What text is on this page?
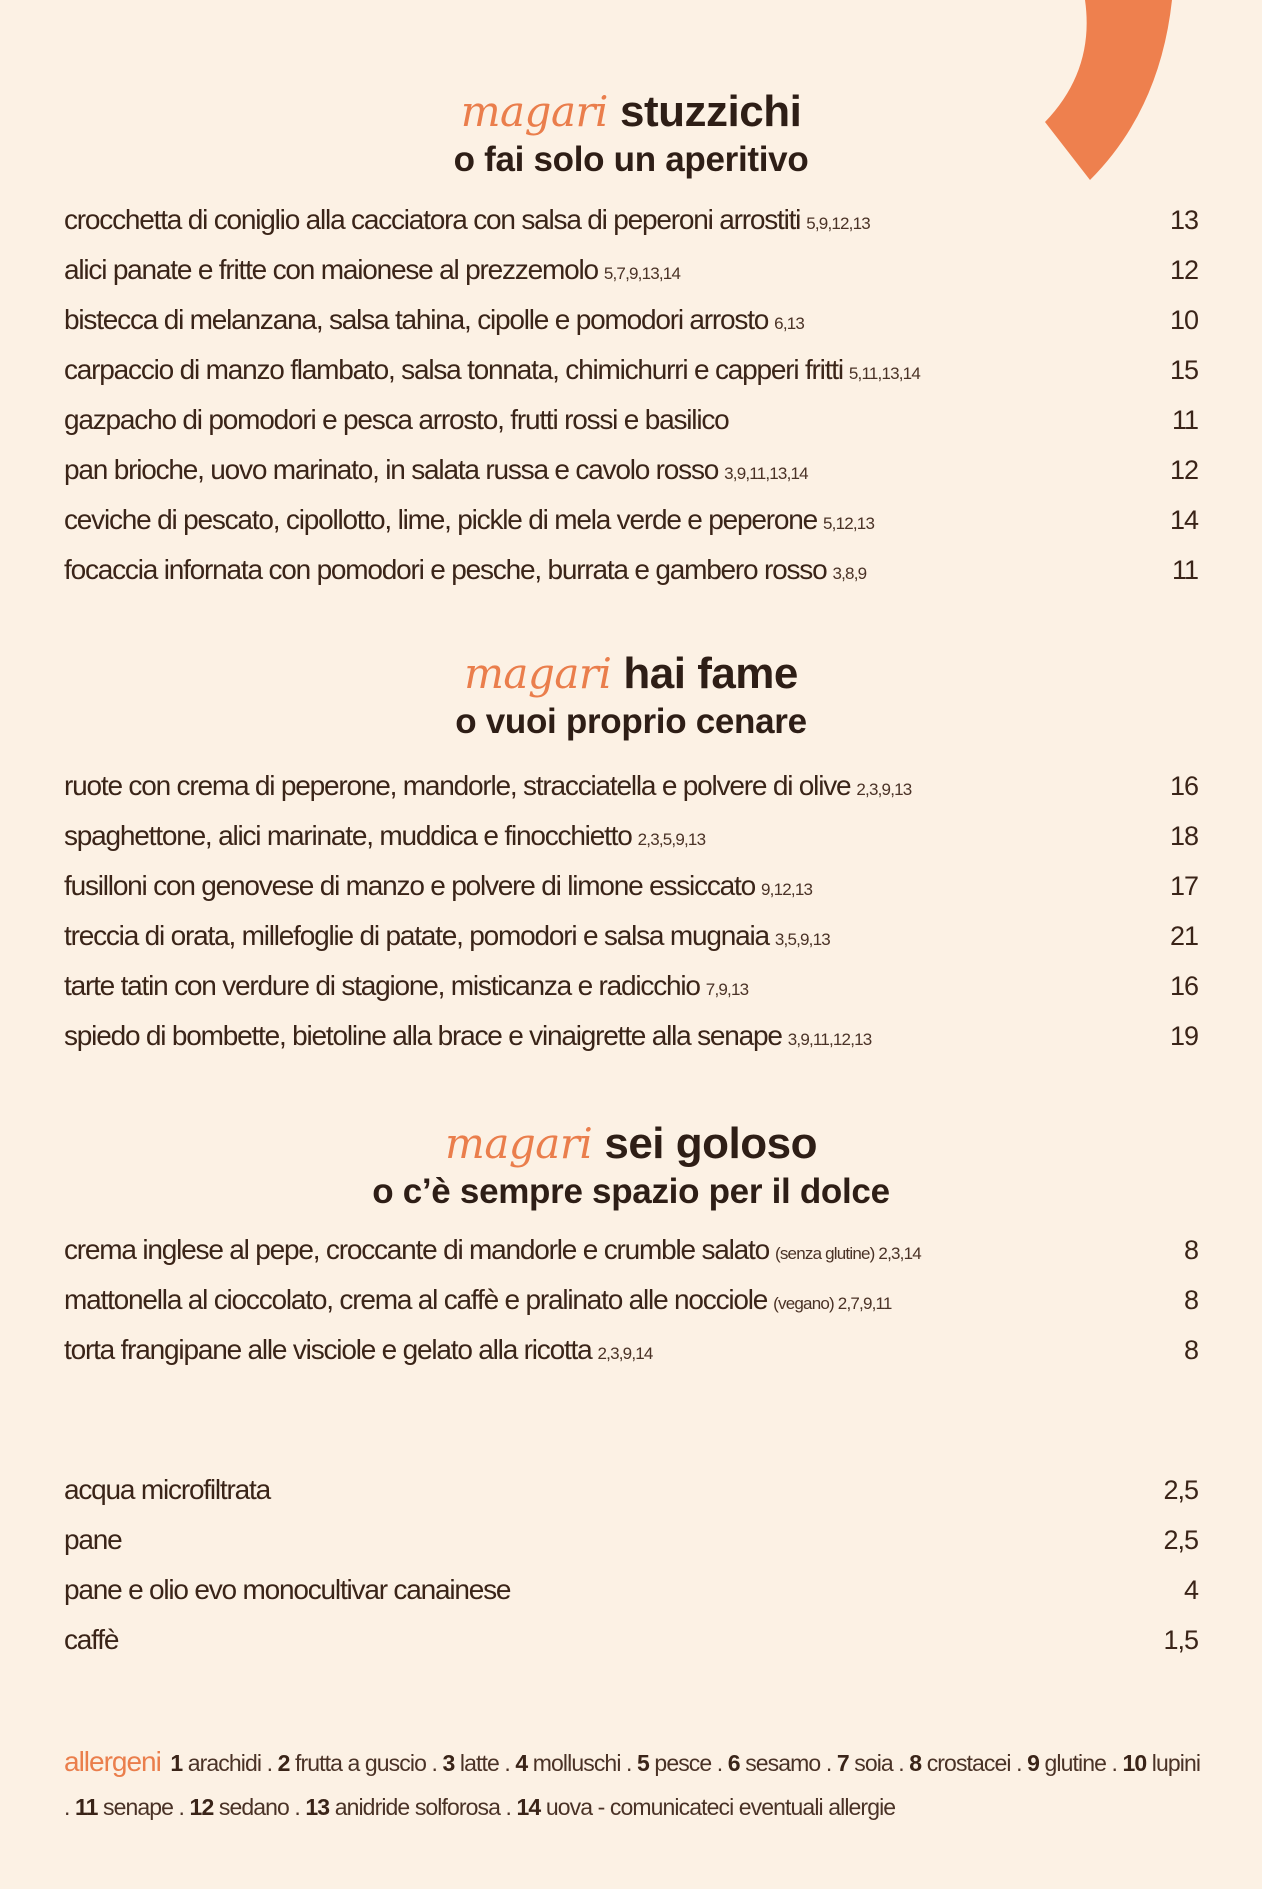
magari stuzzichi
o fai solo un aperitivo
crocchetta di coniglio alla cacciatora con salsa di peperoni arrostiti 5,9,12,13	13
alici panate e fritte con maionese al prezzemolo 5,7,9,13,14	12
bistecca di melanzana, salsa tahina, cipolle e pomodori arrosto 6,13	10
carpaccio di manzo flambato, salsa tonnata, chimichurri e capperi fritti 5,11,13,14	15
gazpacho di pomodori e pesca arrosto, frutti rossi e basilico	11
pan brioche, uovo marinato, in salata russa e cavolo rosso 3,9,11,13,14	12
ceviche di pescato, cipollotto, lime, pickle di mela verde e peperone 5,12,13	14
focaccia infornata con pomodori e pesche, burrata e gambero rosso 3,8,9	11
magari hai fame
o vuoi proprio cenare
ruote con crema di peperone, mandorle, stracciatella e polvere di olive 2,3,9,13	16
spaghettone, alici marinate, muddica e finocchietto 2,3,5,9,13	18
fusilloni con genovese di manzo e polvere di limone essiccato 9,12,13	17
treccia di orata, millefoglie di patate, pomodori e salsa mugnaia 3,5,9,13	21
tarte tatin con verdure di stagione, misticanza e radicchio 7,9,13	16
spiedo di bombette, bietoline alla brace e vinaigrette alla senape 3,9,11,12,13	19
magari sei goloso
o c’è sempre spazio per il dolce
crema inglese al pepe, croccante di mandorle e crumble salato (senza glutine) 2,3,14	8
mattonella al cioccolato, crema al caffè e pralinato alle nocciole (vegano) 2,7,9,11	8
torta frangipane alle visciole e gelato alla ricotta 2,3,9,14	8
acqua microfiltrata	2,5
pane	2,5
pane e olio evo monocultivar canainese	4
caffè	1,5
allergeni 1 arachidi . 2 frutta a guscio . 3 latte . 4 molluschi . 5 pesce . 6 sesamo . 7 soia . 8 crostacei . 9 glutine . 10 lupini . 11 senape . 12 sedano . 13 anidride solforosa . 14 uova - comunicateci eventuali allergie
